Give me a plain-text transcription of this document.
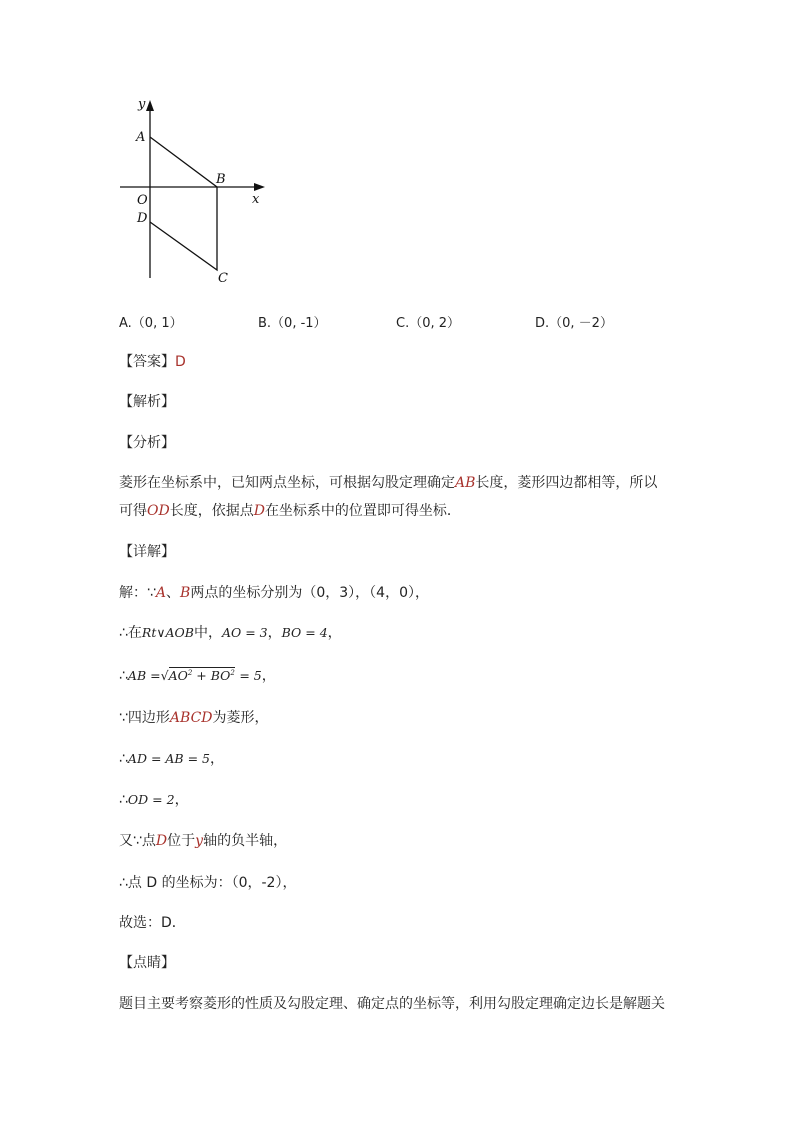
y
x
A
B
O
D
C
A.（0, 1）	B.（0, -1）	C.（0, 2）	D.（0, －2）
【答案】D
【解析】
【分析】
菱形在坐标系中，已知两点坐标，可根据勾股定理确定AB长度，菱形四边都相等，所以
可得OD长度，依据点D在坐标系中的位置即可得坐标．
【详解】
解：∵A、B两点的坐标分别为（0，3），（4，0），
∴在Rt∨AOB中，AO = 3，BO = 4，
∴AB $=√AO^2 + BO^2 = 5$，
∵四边形ABCD为菱形，
∴AD = AB = 5，
∴OD = 2，
又∵点D位于y轴的负半轴，
∴点 D 的坐标为：（0，-2），
故选：D．
【点睛】
题目主要考察菱形的性质及勾股定理、确定点的坐标等，利用勾股定理确定边长是解题关
